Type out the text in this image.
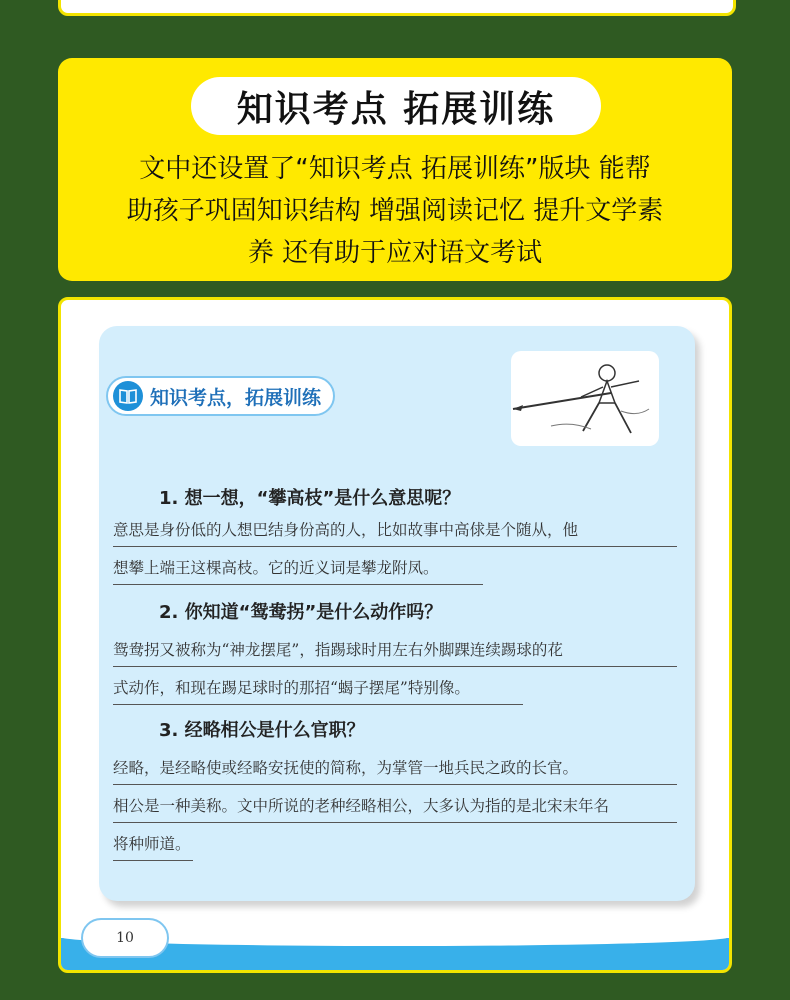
知识考点 拓展训练
文中还设置了“知识考点 拓展训练”版块 能帮
助孩子巩固知识结构 增强阅读记忆 提升文学素
养 还有助于应对语文考试
知识考点，拓展训练
1. 想一想，“攀高枝”是什么意思呢？
意思是身份低的人想巴结身份高的人，比如故事中高俅是个随从，他
想攀上端王这棵高枝。它的近义词是攀龙附凤。
2. 你知道“鸳鸯拐”是什么动作吗？
鸳鸯拐又被称为“神龙摆尾”，指踢球时用左右外脚踝连续踢球的花
式动作，和现在踢足球时的那招“蝎子摆尾”特别像。
3. 经略相公是什么官职？
经略，是经略使或经略安抚使的简称，为掌管一地兵民之政的长官。
相公是一种美称。文中所说的老种经略相公，大多认为指的是北宋末年名
将种师道。
10
